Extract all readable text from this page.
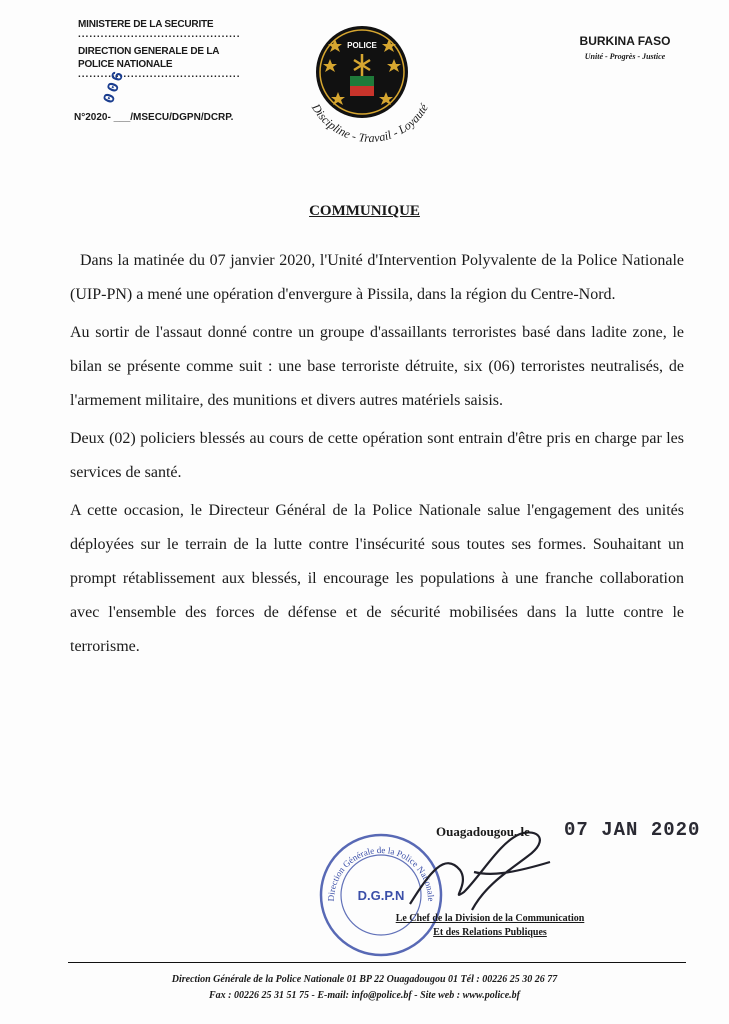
MINISTERE DE LA SECURITE
...........................................
DIRECTION GENERALE DE LA
POLICE NATIONALE
...........................................
N°2020- ___/MSECU/DGPN/DCRP.
006
POLICE
Discipline - Travail - Loyauté
BURKINA FASO
Unité - Progrès - Justice
COMMUNIQUE

Dans la matinée du 07 janvier 2020, l'Unité d'Intervention Polyvalente de la Police Nationale (UIP-PN) a mené une opération d'envergure à Pissila, dans la région du Centre-Nord.

Au sortir de l'assaut donné contre un groupe d'assaillants terroristes basé dans ladite zone, le bilan se présente comme suit : une base terroriste détruite, six (06) terroristes neutralisés, de l'armement militaire, des munitions et divers autres matériels saisis.

Deux (02) policiers blessés au cours de cette opération sont entrain d'être pris en charge par les services de santé.

A cette occasion, le Directeur Général de la Police Nationale salue l'engagement des unités déployées sur le terrain de la lutte contre l'insécurité sous toutes ses formes. Souhaitant un prompt rétablissement aux blessés, il encourage les populations à une franche collaboration avec l'ensemble des forces de défense et de sécurité mobilisées dans la lutte contre le terrorisme.

Direction Générale de la Police Nationale
D.G.P.N
Ouagadougou, le 07 JAN 2020
Le Chef de la Division de la Communication
Et des Relations Publiques
Direction Générale de la Police Nationale 01 BP 22 Ouagadougou 01 Tél : 00226 25 30 26 77
Fax : 00226 25 31 51 75 - E-mail: info@police.bf - Site web : www.police.bf
